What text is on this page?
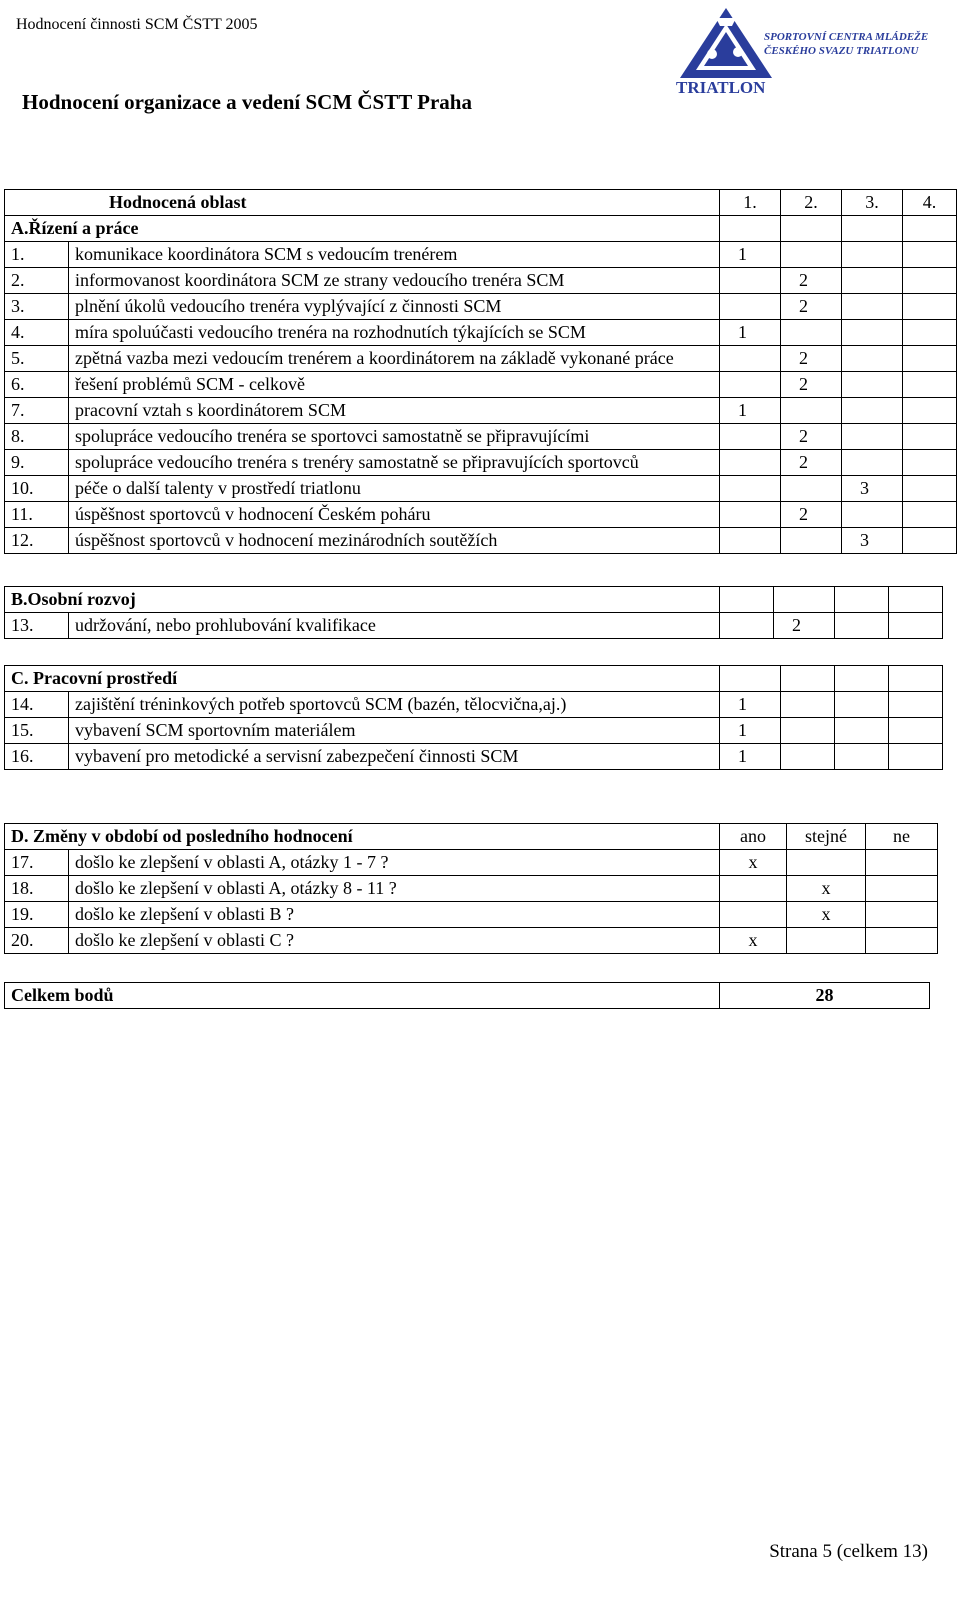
Hodnocení činnosti SCM ČSTT 2005
SPORTOVNÍ CENTRA MLÁDEŽE
ČESKÉHO SVAZU TRIATLONU
TRIATLON
Hodnocení organizace a vedení SCM ČSTT Praha
Hodnocená oblast		1.	2.	3.	4.
A.Řízení a práce					
1.	komunikace koordinátora SCM s vedoucím trenérem	1			
2.	informovanost koordinátora SCM ze strany vedoucího trenéra SCM		2		
3.	plnění úkolů vedoucího trenéra vyplývající z činnosti SCM		2		
4.	míra spoluúčasti vedoucího trenéra na rozhodnutích týkajících se SCM	1			
5.	zpětná vazba mezi vedoucím trenérem a koordinátorem na základě vykonané práce		2		
6.	řešení problémů SCM - celkově		2		
7.	pracovní vztah s koordinátorem SCM	1			
8.	spolupráce vedoucího trenéra se sportovci samostatně se připravujícími		2		
9.	spolupráce vedoucího trenéra s trenéry samostatně se připravujících sportovců		2		
10.	péče o další talenty v prostředí triatlonu			3	
11.	úspěšnost sportovců v hodnocení Českém poháru		2		
12.	úspěšnost sportovců v hodnocení mezinárodních soutěžích			3	
B.Osobní rozvoj					
13.	udržování, nebo prohlubování kvalifikace		2		
C. Pracovní prostředí					
14.	zajištění tréninkových potřeb sportovců SCM (bazén, tělocvična,aj.)	1			
15.	vybavení SCM sportovním materiálem	1			
16.	vybavení pro metodické a servisní zabezpečení činnosti SCM	1			
D. Změny v období od posledního hodnocení		ano	stejné	ne
17.	došlo ke zlepšení v oblasti A, otázky 1 - 7 ?	x		
18.	došlo ke zlepšení v oblasti A, otázky 8 - 11 ?		x	
19.	došlo ke zlepšení v oblasti B ?		x	
20.	došlo ke zlepšení v oblasti C ?	x		
Celkem bodů	28
Strana 5 (celkem 13)
